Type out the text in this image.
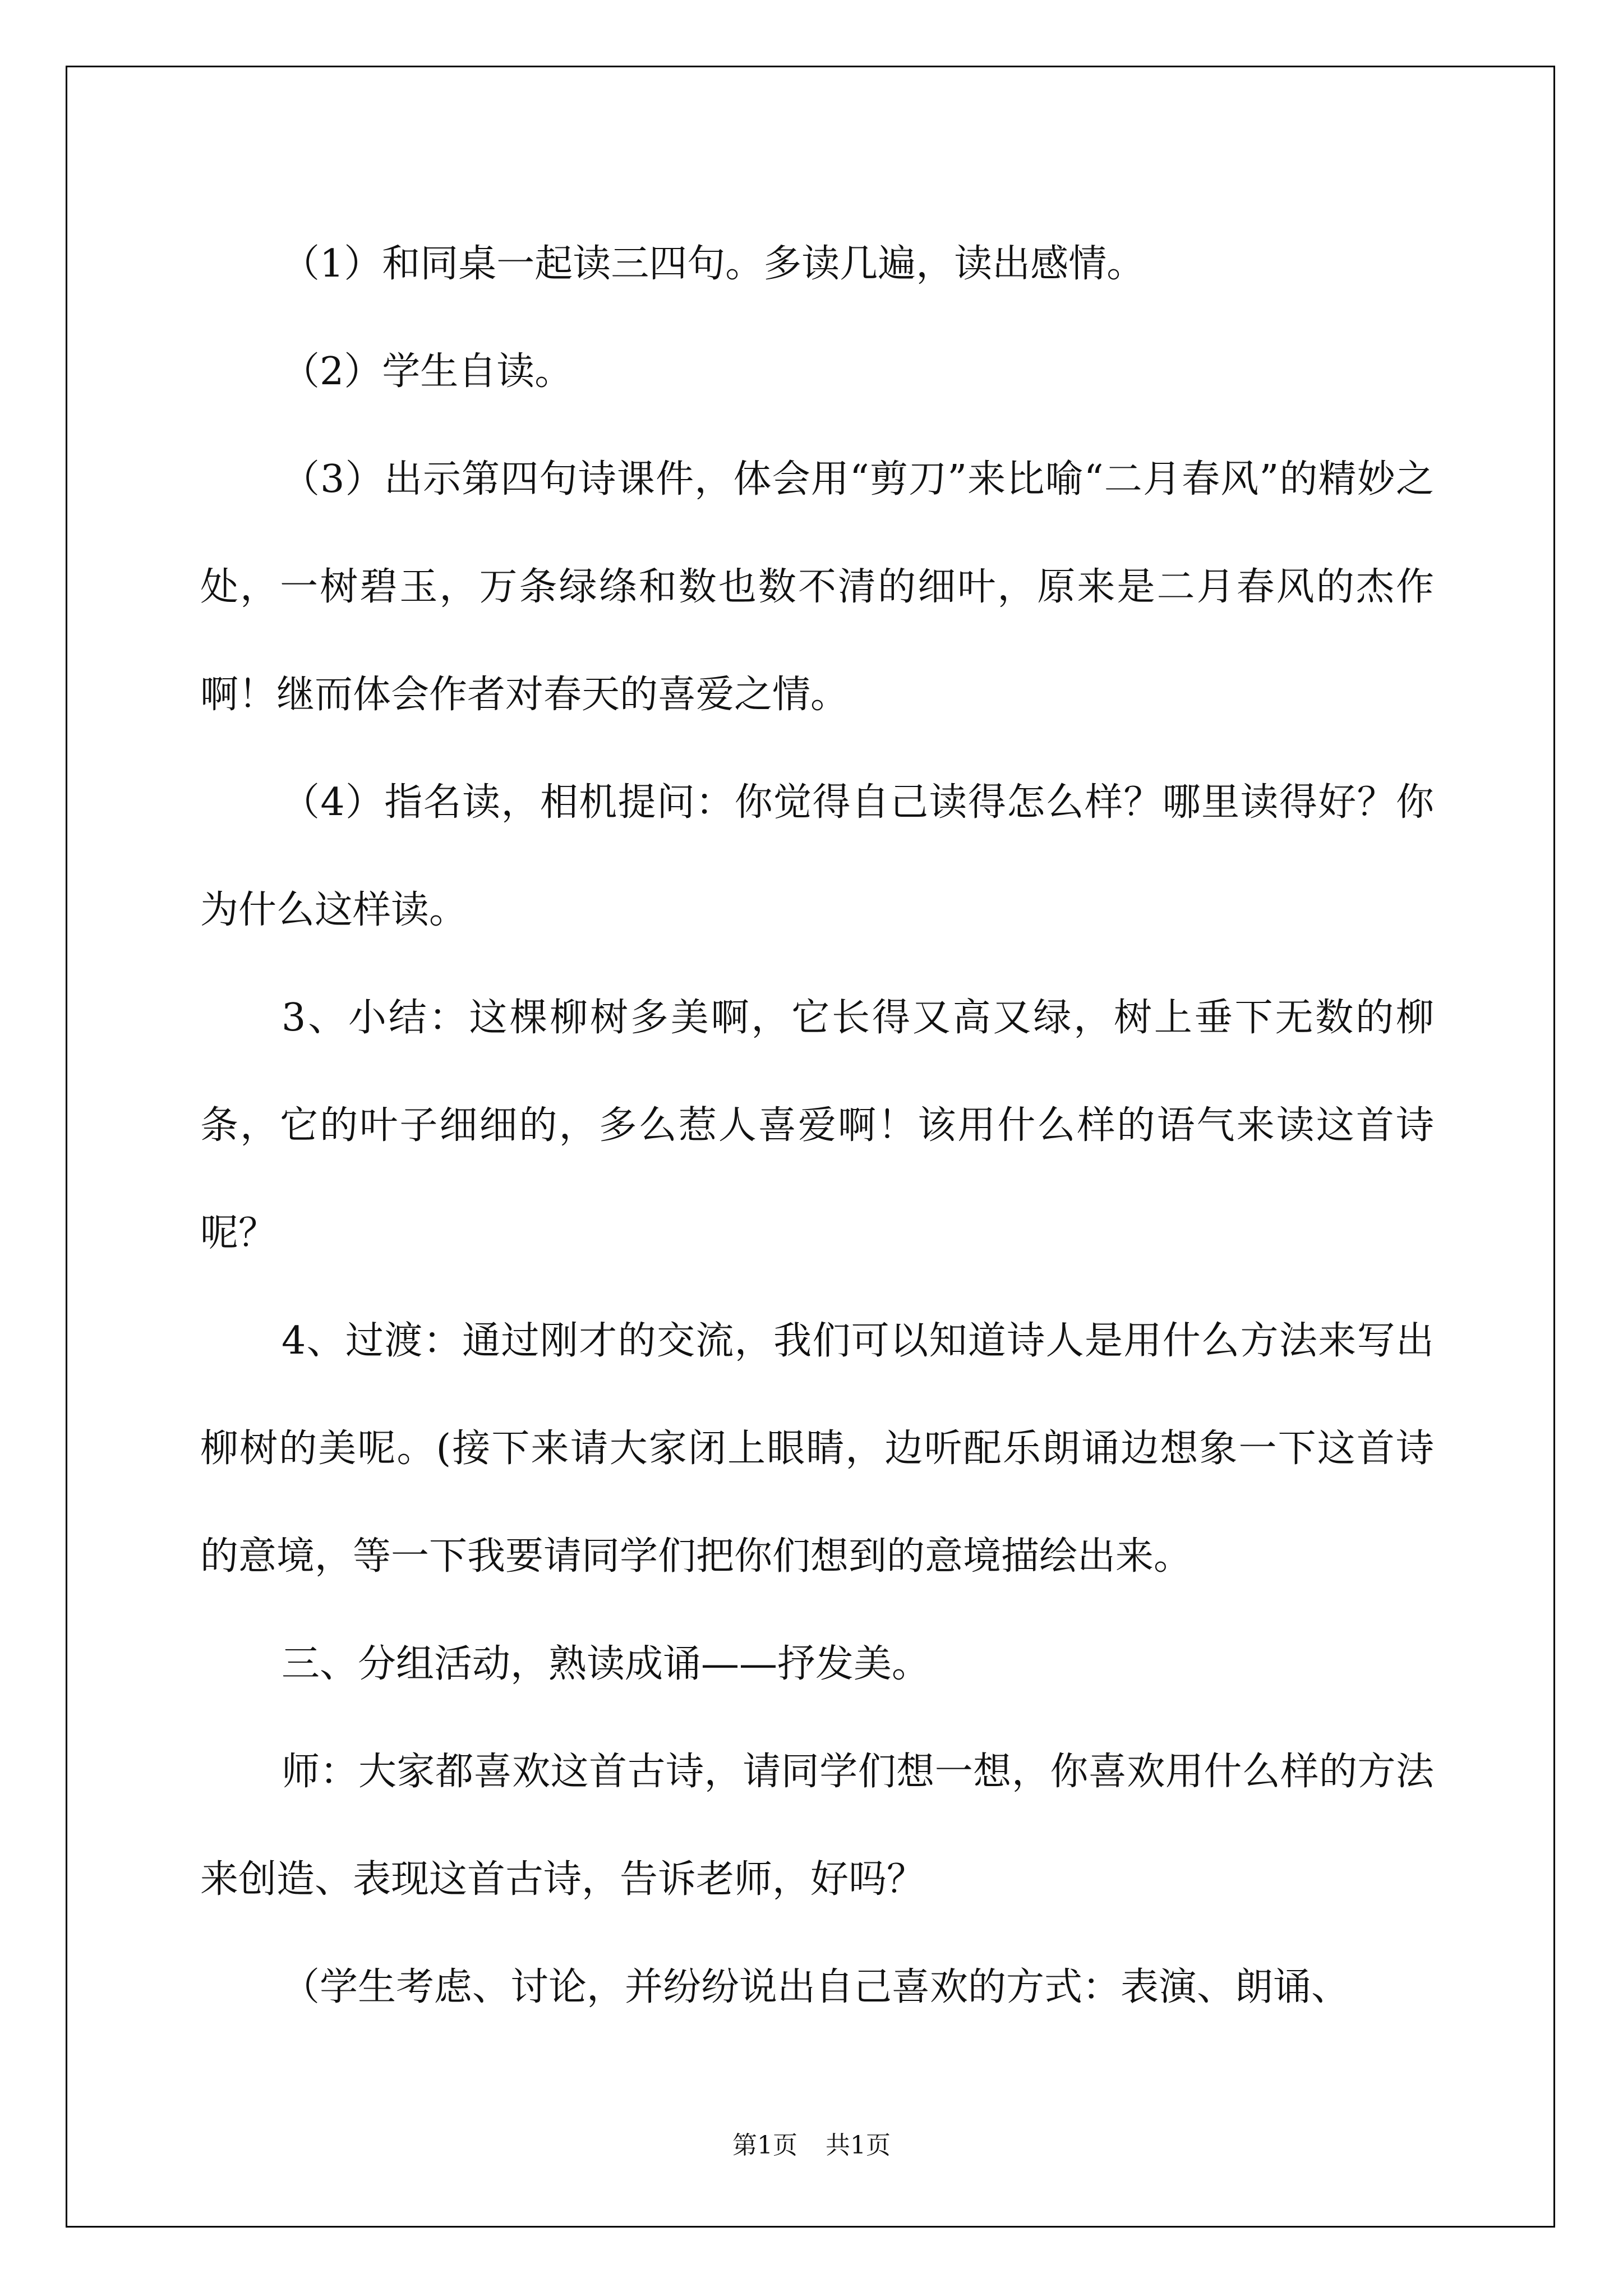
（1）和同桌一起读三四句。多读几遍，读出感情。

（2）学生自读。

（3）出示第四句诗课件，体会用“剪刀”来比喻“二月春风”的精妙之处，一树碧玉，万条绿绦和数也数不清的细叶，原来是二月春风的杰作啊！继而体会作者对春天的喜爱之情。

（4）指名读，相机提问：你觉得自己读得怎么样？哪里读得好？你为什么这样读。

3、小结：这棵柳树多美啊，它长得又高又绿，树上垂下无数的柳条，它的叶子细细的，多么惹人喜爱啊！该用什么样的语气来读这首诗呢？

4、过渡：通过刚才的交流，我们可以知道诗人是用什么方法来写出柳树的美呢。(接下来请大家闭上眼睛，边听配乐朗诵边想象一下这首诗的意境，等一下我要请同学们把你们想到的意境描绘出来。

三、分组活动，熟读成诵——抒发美。

师：大家都喜欢这首古诗，请同学们想一想，你喜欢用什么样的方法来创造、表现这首古诗，告诉老师，好吗？

（学生考虑、讨论，并纷纷说出自己喜欢的方式：表演、朗诵、

第1页 共1页
